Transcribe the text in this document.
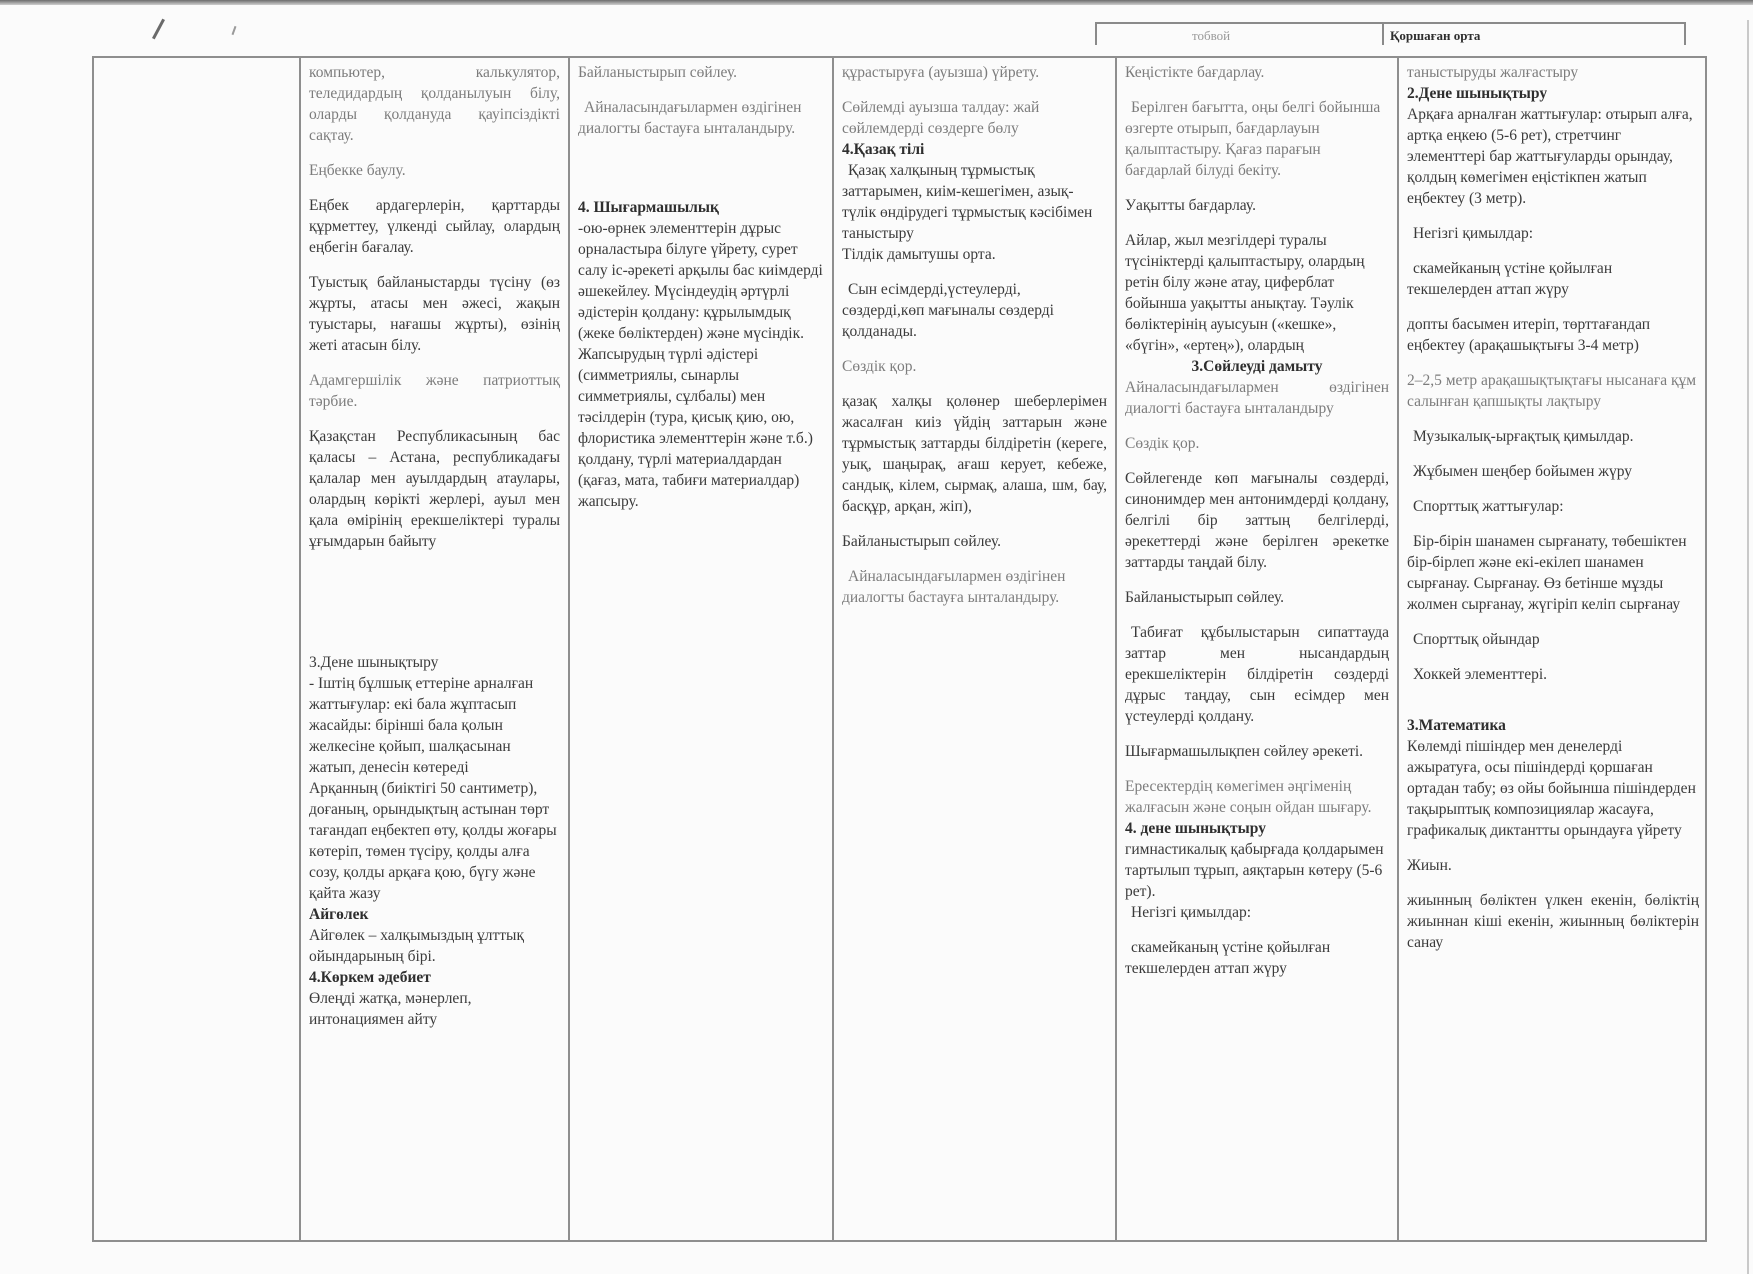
тобвой	Қоршаған орта

компьютер, калькулятор, теледидардың қолданылуын білу, оларды қолдануда қауіпсіздікті сақтау.

Еңбекке баулу.

Еңбек ардагерлерін, қарттарды құрметтеу, үлкенді сыйлау, олардың еңбегін бағалау.

Туыстық байланыстарды түсіну (өз жұрты, атасы мен әжесі, жақын туыстары, нағашы жұрты), өзінің жеті атасын білу.

Адамгершілік және патриоттық тәрбие.

Қазақстан Республикасының бас қаласы – Астана, республикадағы қалалар мен ауылдардың атаулары, олардың көрікті жерлері, ауыл мен қала өмірінің ерекшеліктері туралы ұғымдарын байыту

3.Дене шынықтыру

- Іштің бұлшық еттеріне арналған жаттығулар: екі бала жұптасып жасайды: бірінші бала қолын желкесіне қойып, шалқасынан жатып, денесін көтереді

Арқанның (биіктігі 50 сантиметр), доғаның, орындықтың астынан төрт тағандап еңбектеп өту, қолды жоғары көтеріп, төмен түсіру, қолды алға созу, қолды арқаға қою, бүгу және қайта жазу

Айгөлек

Айгөлек – халқымыздың ұлттық ойындарының бірі.

4.Көркем әдебиет

Өлеңді жатқа, мәнерлеп, интонациямен айту

Байланыстырып сөйлеу.

Айналасындағылармен өздігінен диалогты бастауға ынталандыру.

4. Шығармашылық

-ою-өрнек элементтерін дұрыс орналастыра білуге үйрету, сурет салу іс-әрекеті арқылы бас киімдерді әшекейлеу. Мүсіндеудің әртүрлі әдістерін қолдану: құрылымдық (жеке бөліктерден) және мүсіндік. Жапсырудың түрлі әдістері (симметриялы, сынарлы симметриялы, сұлбалы) мен тәсілдерін (тура, қисық қию, ою, флористика элементтерін және т.б.) қолдану, түрлі материалдардан (қағаз, мата, табиғи материалдар) жапсыру.

құрастыруға (ауызша) үйрету.

Сөйлемді ауызша талдау: жай сөйлемдерді сөздерге бөлу

4.Қазақ тілі

Қазақ халқының тұрмыстық заттарымен, киім-кешегімен, азық-түлік өндірудегі тұрмыстық кәсібімен таныстыру

Тілдік дамытушы орта.

Сын есімдерді,үстеулерді, сөздерді,көп мағыналы сөздерді қолданады.

Сөздік қор.

қазақ халқы қолөнер шеберлерімен жасалған киіз үйдің заттарын және тұрмыстық заттарды білдіретін (кереге, уық, шаңырақ, ағаш керует, кебеже, сандық, кілем, сырмақ, алаша, шм, бау, басқұр, арқан, жіп),

Байланыстырып сөйлеу.

Айналасындағылармен өздігінен диалогты бастауға ынталандыру.

Кеңістікте бағдарлау.

Берілген бағытта, оңы белгі бойынша өзгерте отырып, бағдарлауын қалыптастыру. Қағаз парағын бағдарлай білуді бекіту.

Уақытты бағдарлау.

Айлар, жыл мезгілдері туралы түсініктерді қалыптастыру, олардың ретін білу және атау, циферблат бойынша уақытты анықтау. Тәулік бөліктерінің ауысуын («кешке», «бүгін», «ертең»), олардың

3.Сөйлеуді дамыту

Айналасындағылармен өздігінен диалогті бастауға ынталандыру

Сөздік қор.

Сөйлегенде көп мағыналы сөздерді, синонимдер мен антонимдерді қолдану, белгілі бір заттың белгілерді, әрекеттерді және берілген әрекетке заттарды таңдай білу.

Байланыстырып сөйлеу.

Табиғат құбылыстарын сипаттауда заттар мен нысандардың ерекшеліктерін білдіретін сөздерді дұрыс таңдау, сын есімдер мен үстеулерді қолдану.

Шығармашылықпен сөйлеу әрекеті.

Ересектердің көмегімен әңгіменің жалғасын және соңын ойдан шығару.

4. дене шынықтыру

гимнастикалық қабырғада қолдарымен тартылып тұрып, аяқтарын көтеру (5-6 рет).

Негізгі қимылдар:

скамейканың үстіне қойылған текшелерден аттап жүру

таныстыруды жалғастыру

2.Дене шынықтыру

Арқаға арналған жаттығулар: отырып алға, артқа еңкею (5-6 рет), стретчинг элементтері бар жаттығуларды орындау, қолдың көмегімен еңістікпен жатып еңбектеу (3 метр).

Негізгі қимылдар:

скамейканың үстіне қойылған текшелерден аттап жүру

допты басымен итеріп, төрттағандап еңбектеу (арақашықтығы 3-4 метр)

2–2,5 метр арақашықтықтағы нысанаға құм салынған қапшықты лақтыру

Музыкалық-ырғақтық қимылдар.

Жұбымен шеңбер бойымен жүру

Спорттық жаттығулар:

Бір-бірін шанамен сырғанату, төбешіктен бір-бірлеп және екі-екілеп шанамен сырғанау. Сырғанау. Өз бетінше мұзды жолмен сырғанау, жүгіріп келіп сырғанау

Спорттық ойындар

Хоккей элементтері.

3.Математика

Көлемді пішіндер мен денелерді ажыратуға, осы пішіндерді қоршаған ортадан табу; өз ойы бойынша пішіндерден тақырыптық композициялар жасауға, графикалық диктантты орындауға үйрету

Жиын.

жиынның бөліктен үлкен екенін, бөліктің жиыннан кіші екенін, жиынның бөліктерін санау
